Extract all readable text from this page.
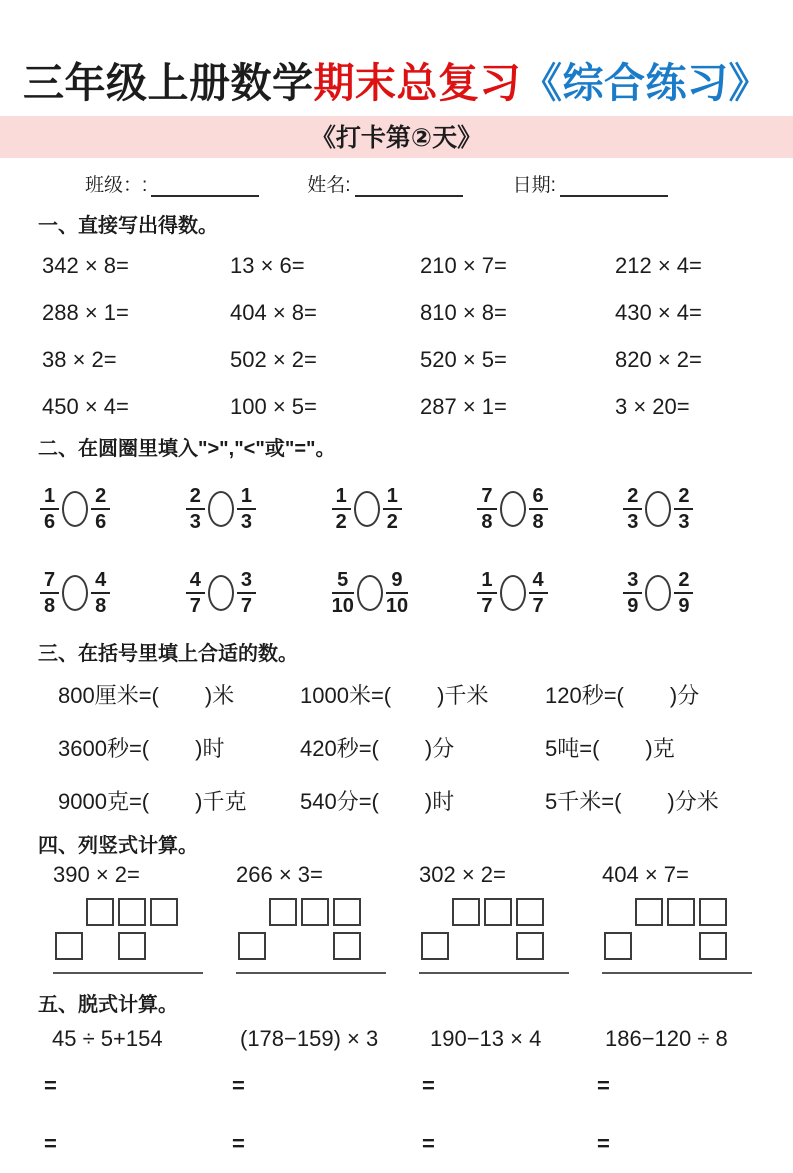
三年级上册数学期末总复习《综合练习》
《打卡第②天》
班级：:	姓名:	日期:
一、直接写出得数。
342 × 8=	13 × 6=	210 × 7=	212 × 4=
288 × 1=	404 × 8=	810 × 8=	430 × 4=
38 × 2=	502 × 2=	520 × 5=	820 × 2=
450 × 4=	100 × 5=	287 × 1=	3 × 20=
二、在圆圈里填入">","<"或"="。
$\frac{1}{6} \frac{2}{6}$	$\frac{2}{3} \frac{1}{3}$	$\frac{1}{2} \frac{1}{2}$	$\frac{7}{8} \frac{6}{8}$	$\frac{2}{3} \frac{2}{3}$
$\frac{7}{8} \frac{4}{8}$	$\frac{4}{7} \frac{3}{7}$	$\frac{5}{10} \frac{9}{10}$	$\frac{1}{7} \frac{4}{7}$	$\frac{3}{9} \frac{2}{9}$
三、在括号里填上合适的数。
800厘米=( )米	1000米=( )千米	120秒=( )分
3600秒=( )时	420秒=( )分	5吨=( )克
9000克=( )千克 540分=( )时	5千米=( )分米
四、列竖式计算。
390 × 2=	266 × 3=	302 × 2=	404 × 7=
五、脱式计算。
45 ÷ 5+154
=
=
(178−159) × 3
=
=
190−13 × 4
=
=
186−120 ÷ 8
=
=
